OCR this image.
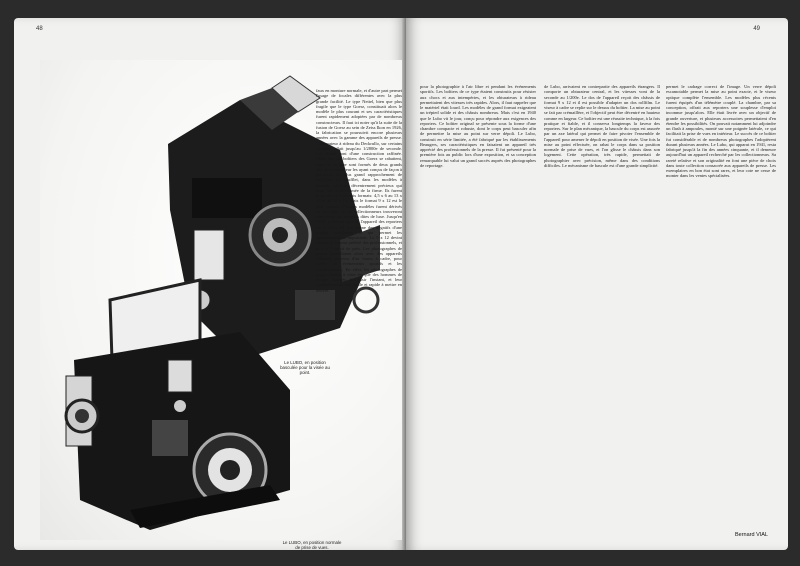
48
Le LUBO, en position basculée pour la visée au point.
Le LUBO, en position normale de prise de vues.
faux en monture normale, et d'autre part permet l'usage de focales différentes avec la plus grande facilité. Le type Nettel, bien que plus fragile que le type Goerz, constituait alors le modèle le plus courant et ses caractéristiques furent rapidement adoptées par de nombreux constructeurs. Il faut ici noter qu'à la suite de la fusion de Goerz au sein de Zeiss Ikon en 1926, la fabrication se poursuivit encore plusieurs années avec la gamme des appareils de presse. L'obturateur à rideau du Deckrullo, sur certains modèles, allait jusqu'au 1/2800e de seconde. Les Nettel sont d'une construction raffinée. Alors que les boîtiers des Goerz se rabattent, ceux de ce type sont formés de deux grands plis, le constructeur les ayant conçus de façon à permettre un plus grand rapprochement de l'objectif. Le soufflet, dans les modèles à bascule, offre un décentrement précieux qui avait fait la renommée de la firme. Ils furent proposés en différents formats: 4,5 x 6 au 13 x 18 et au 10 x 15, mais le format 9 x 12 est le plus courant. D'autres modèles furent dérivés de ces types, et les collectionneurs trouveront sans peine des versions dites de luxe. Jusqu'en 1930, le format type de l'appareil des reporters est le 13 x 18, qui donne des négatifs d'une qualité excellente, et qui permet les agrandissements importants. Le 9 x 12 devint ensuite le format préféré des professionnels, et le 6 x 9 suivit de près. Les photographes de presse travaillaient alors avec des appareils robustes, pourvus d'un viseur à cadre, pour suivre les événements sportifs et les manifestations. En effet, les photographes de presse étaient à cette époque des hommes de terrain, chargés de saisir l'instant, et leur matériel devait être fiable et rapide à mettre en oeuvre.
49
pour la photographie à l'air libre et pendant les événements sportifs. Les boîtiers de ce type étaient construits pour résister aux chocs et aux intempéries, et les obturateurs à rideau permettaient des vitesses très rapides. Alors, il faut rappeler que le matériel était lourd. Les modèles de grand format exigeaient un trépied solide et des châssis nombreux. Mais c'est en 1940 que le Lubo vit le jour, conçu pour répondre aux exigences des reporters. Ce boîtier original se présente sous la forme d'une chambre compacte et robuste, dont le corps peut basculer afin de permettre la mise au point sur verre dépoli. Le Lubo, construit en série limitée, a été fabriqué par les établissements Beaugers, ses caractéristiques en faisaient un appareil très apprécié des professionnels de la presse. Il fut présenté pour la première fois au public lors d'une exposition, et sa conception remarquable lui valut un grand succès auprès des photographes de reportage.
de Lubo, arrivaient en contrepartie des appareils étrangers. Il comporte un obturateur central, et les vitesses vont de la seconde au 1/200e. Le dos de l'appareil reçoit des châssis de format 9 x 12 et il est possible d'adapter un dos rollfilm. Le viseur à cadre se replie sur le dessus du boîtier. La mise au point se fait par crémaillère, et l'objectif peut être décentré en hauteur comme en largeur. Ce boîtier est une réussite technique, à la fois pratique et fiable, et il conserva longtemps la faveur des reporters. Sur le plan mécanique, la bascule du corps est assurée par un axe latéral qui permet de faire pivoter l'ensemble de l'appareil pour amener le dépoli en position de visée. Une fois la mise au point effectuée, on rabat le corps dans sa position normale de prise de vues, et l'on glisse le châssis dans son logement. Cette opération, très rapide, permettait de photographier avec précision, même dans des conditions difficiles. Le mécanisme de bascule est d'une grande simplicité.
permet le cadrage correct de l'image. Un verre dépoli escamotable permet la mise au point exacte, et le viseur optique complète l'ensemble. Les modèles plus récents furent équipés d'un télémètre couplé. La chambre, par sa conception, offrait aux reporters une souplesse d'emploi inconnue jusqu'alors. Elle était livrée avec un objectif de grande ouverture, et plusieurs accessoires permettaient d'en étendre les possibilités. On pouvait notamment lui adjoindre un flash à ampoules, monté sur une poignée latérale, ce qui facilitait la prise de vues en intérieur. Le succès de ce boîtier fut considérable et de nombreux photographes l'adoptèrent durant plusieurs années. Le Lubo, qui apparut en 1941, resta fabriqué jusqu'à la fin des années cinquante, et il demeure aujourd'hui un appareil recherché par les collectionneurs. Sa rareté relative et son originalité en font une pièce de choix dans toute collection consacrée aux appareils de presse. Les exemplaires en bon état sont rares, et leur cote ne cesse de monter dans les ventes spécialisées.
Bernard VIAL
